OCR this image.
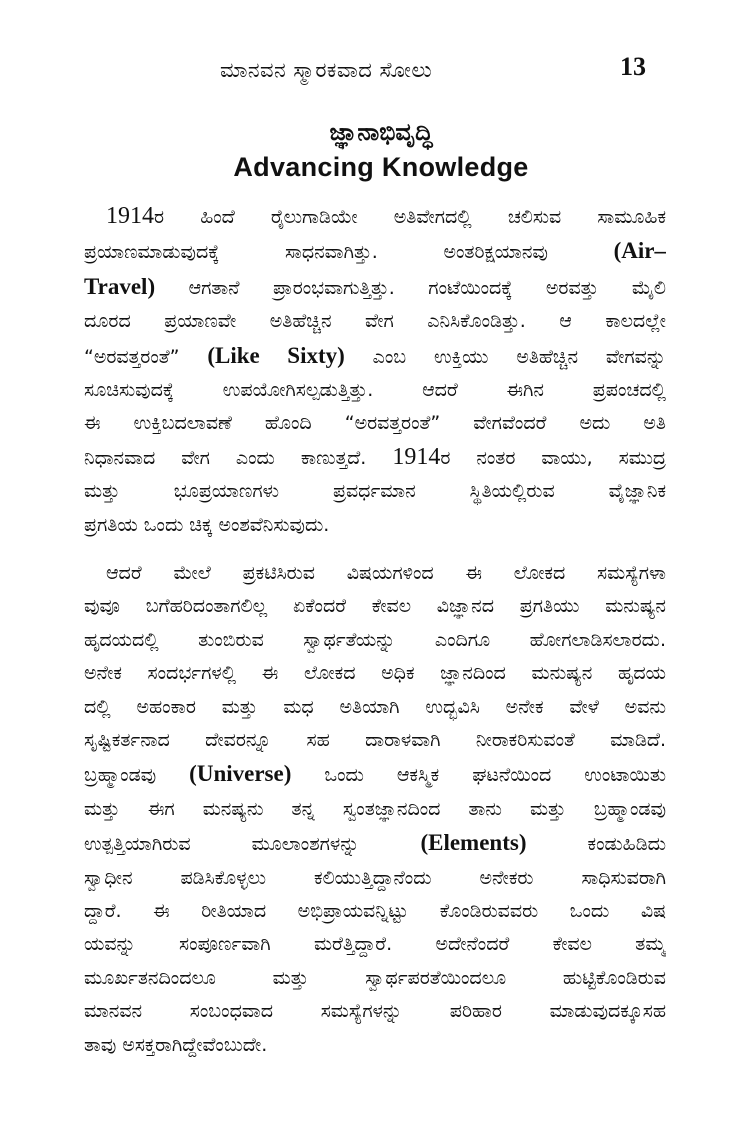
ಮಾನವನ ಸ್ಮಾರಕವಾದ ಸೋಲು	13
ಜ್ಞಾನಾಭಿವೃದ್ಧಿ
Advancing Knowledge
1914ರ ಹಿಂದೆ ರೈಲುಗಾಡಿಯೇ ಅತಿವೇಗದಲ್ಲಿ ಚಲಿಸುವ ಸಾಮೂಹಿಕ
ಪ್ರಯಾಣಮಾಡುವುದಕ್ಕೆ ಸಾಧನವಾಗಿತ್ತು. ಅಂತರಿಕ್ಷಯಾನವು (Air–
Travel) ಆಗತಾನೆ ಪ್ರಾರಂಭವಾಗುತ್ತಿತ್ತು. ಗಂಟೆಯಿಂದಕ್ಕೆ ಅರವತ್ತು ಮೈಲಿ
ದೂರದ ಪ್ರಯಾಣವೇ ಅತಿಹೆಚ್ಚಿನ ವೇಗ ಎನಿಸಿಕೊಂಡಿತ್ತು. ಆ ಕಾಲದಲ್ಲೇ
“ಅರವತ್ತರಂತೆ” (Like Sixty) ಎಂಬ ಉಕ್ತಿಯು ಅತಿಹೆಚ್ಚಿನ ವೇಗವನ್ನು
ಸೂಚಿಸುವುದಕ್ಕೆ ಉಪಯೋಗಿಸಲ್ಪಡುತ್ತಿತ್ತು. ಆದರೆ ಈಗಿನ ಪ್ರಪಂಚದಲ್ಲಿ
ಈ ಉಕ್ತಿಬದಲಾವಣೆ ಹೊಂದಿ “ಅರವತ್ತರಂತೆ” ವೇಗವೆಂದರೆ ಅದು ಅತಿ
ನಿಧಾನವಾದ ವೇಗ ಎಂದು ಕಾಣುತ್ತದೆ. 1914ರ ನಂತರ ವಾಯು, ಸಮುದ್ರ
ಮತ್ತು ಭೂಪ್ರಯಾಣಗಳು ಪ್ರವರ್ಧಮಾನ ಸ್ಥಿತಿಯಲ್ಲಿರುವ ವೈಜ್ಞಾನಿಕ
ಪ್ರಗತಿಯ ಒಂದು ಚಿಕ್ಕ ಅಂಶವೆನಿಸುವುದು.
ಆದರೆ ಮೇಲೆ ಪ್ರಕಟಿಸಿರುವ ವಿಷಯಗಳಿಂದ ಈ ಲೋಕದ ಸಮಸ್ಯೆಗಳಾ
ವುವೂ ಬಗೆಹರಿದಂತಾಗಲಿಲ್ಲ ಏಕೆಂದರೆ ಕೇವಲ ವಿಜ್ಞಾನದ ಪ್ರಗತಿಯು ಮನುಷ್ಯನ
ಹೃದಯದಲ್ಲಿ ತುಂಬಿರುವ ಸ್ವಾರ್ಥತೆಯನ್ನು ಎಂದಿಗೂ ಹೋಗಲಾಡಿಸಲಾರದು.
ಅನೇಕ ಸಂದರ್ಭಗಳಲ್ಲಿ ಈ ಲೋಕದ ಅಧಿಕ ಜ್ಞಾನದಿಂದ ಮನುಷ್ಯನ ಹೃದಯ
ದಲ್ಲಿ ಅಹಂಕಾರ ಮತ್ತು ಮಧ ಅತಿಯಾಗಿ ಉದ್ಭವಿಸಿ ಅನೇಕ ವೇಳೆ ಅವನು
ಸೃಷ್ಟಿಕರ್ತನಾದ ದೇವರನ್ನೂ ಸಹ ದಾರಾಳವಾಗಿ ನೀರಾಕರಿಸುವಂತೆ ಮಾಡಿದೆ.
ಬ್ರಹ್ಮಾಂಡವು (Universe) ಒಂದು ಆಕಸ್ಮಿಕ ಘಟನೆಯಿಂದ ಉಂಟಾಯಿತು
ಮತ್ತು ಈಗ ಮನಷ್ಯನು ತನ್ನ ಸ್ವಂತಜ್ಞಾನದಿಂದ ತಾನು ಮತ್ತು ಬ್ರಹ್ಮಾಂಡವು
ಉತ್ಪತ್ತಿಯಾಗಿರುವ ಮೂಲಾಂಶಗಳನ್ನು (Elements) ಕಂಡುಹಿಡಿದು
ಸ್ವಾಧೀನ ಪಡಿಸಿಕೊಳ್ಳಲು ಕಲಿಯುತ್ತಿದ್ದಾನೆಂದು ಅನೇಕರು ಸಾಧಿಸುವರಾಗಿ
ದ್ದಾರೆ. ಈ ರೀತಿಯಾದ ಅಭಿಪ್ರಾಯವನ್ನಿಟ್ಟು ಕೊಂಡಿರುವವರು ಒಂದು ವಿಷ
ಯವನ್ನು ಸಂಪೂರ್ಣವಾಗಿ ಮರೆತ್ತಿದ್ದಾರೆ. ಅದೇನೆಂದರೆ ಕೇವಲ ತಮ್ಮ
ಮೂರ್ಖತನದಿಂದಲೂ ಮತ್ತು ಸ್ವಾರ್ಥಪರತೆಯಿಂದಲೂ ಹುಟ್ಟಿಕೊಂಡಿರುವ
ಮಾನವನ ಸಂಬಂಧವಾದ ಸಮಸ್ಯೆಗಳನ್ನು ಪರಿಹಾರ ಮಾಡುವುದಕ್ಕೂಸಹ
ತಾವು ಅಸಕ್ತರಾಗಿದ್ದೇವೆಂಬುದೇ.
